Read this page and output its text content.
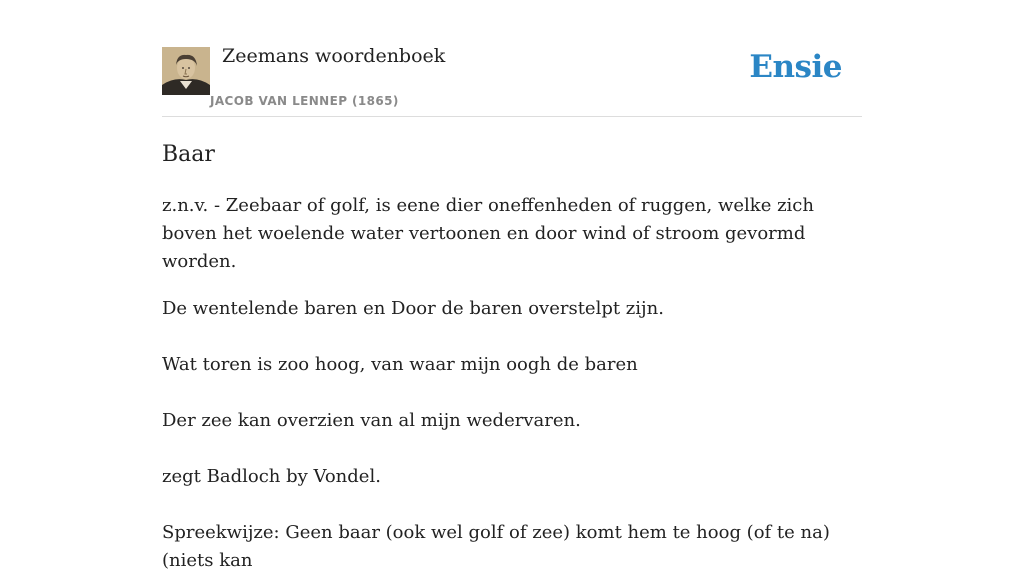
Zeemans woordenboek
JACOB VAN LENNEP (1865)
Ensie
Baar

z.n.v. - Zeebaar of golf, is eene dier oneffenheden of ruggen, welke zich boven het woelende water vertoonen en door wind of stroom gevormd worden.

De wentelende baren en Door de baren overstelpt zijn.

Wat toren is zoo hoog, van waar mijn oogh de baren

Der zee kan overzien van al mijn wedervaren.

zegt Badloch by Vondel.

Spreekwijze: Geen baar (ook wel golf of zee) komt hem te hoog (of te na) (niets kan
